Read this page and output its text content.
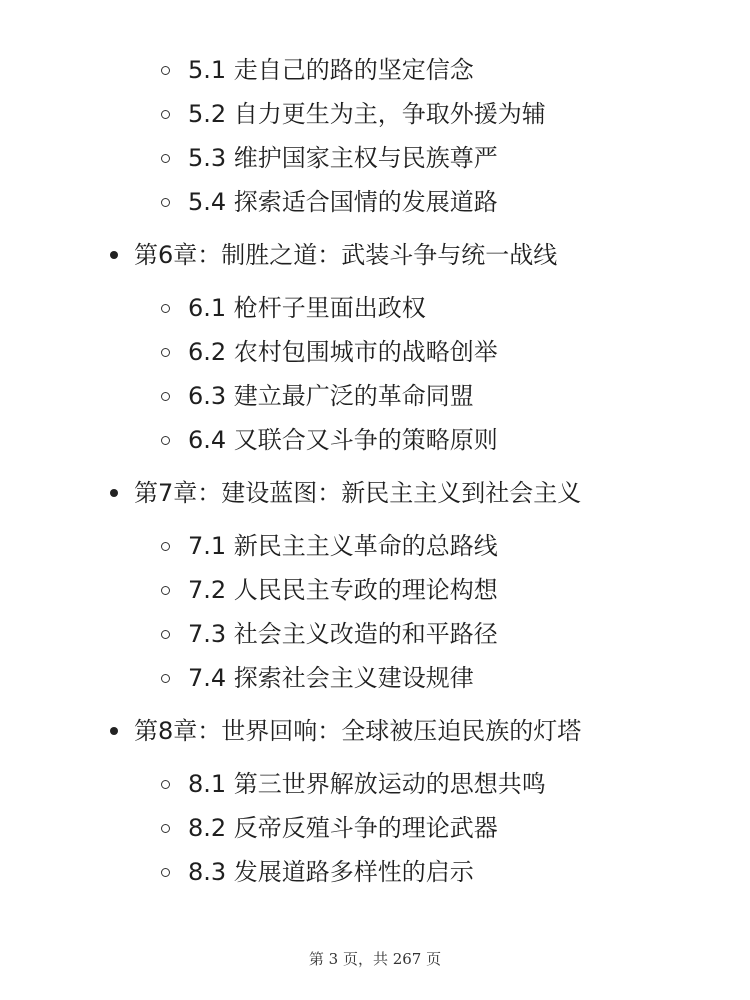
5.1 走自己的路的坚定信念
5.2 自力更生为主，争取外援为辅
5.3 维护国家主权与民族尊严
5.4 探索适合国情的发展道路
第6章：制胜之道：武装斗争与统一战线
6.1 枪杆子里面出政权
6.2 农村包围城市的战略创举
6.3 建立最广泛的革命同盟
6.4 又联合又斗争的策略原则
第7章：建设蓝图：新民主主义到社会主义
7.1 新民主主义革命的总路线
7.2 人民民主专政的理论构想
7.3 社会主义改造的和平路径
7.4 探索社会主义建设规律
第8章：世界回响：全球被压迫民族的灯塔
8.1 第三世界解放运动的思想共鸣
8.2 反帝反殖斗争的理论武器
8.3 发展道路多样性的启示
第 3 页，共 267 页
